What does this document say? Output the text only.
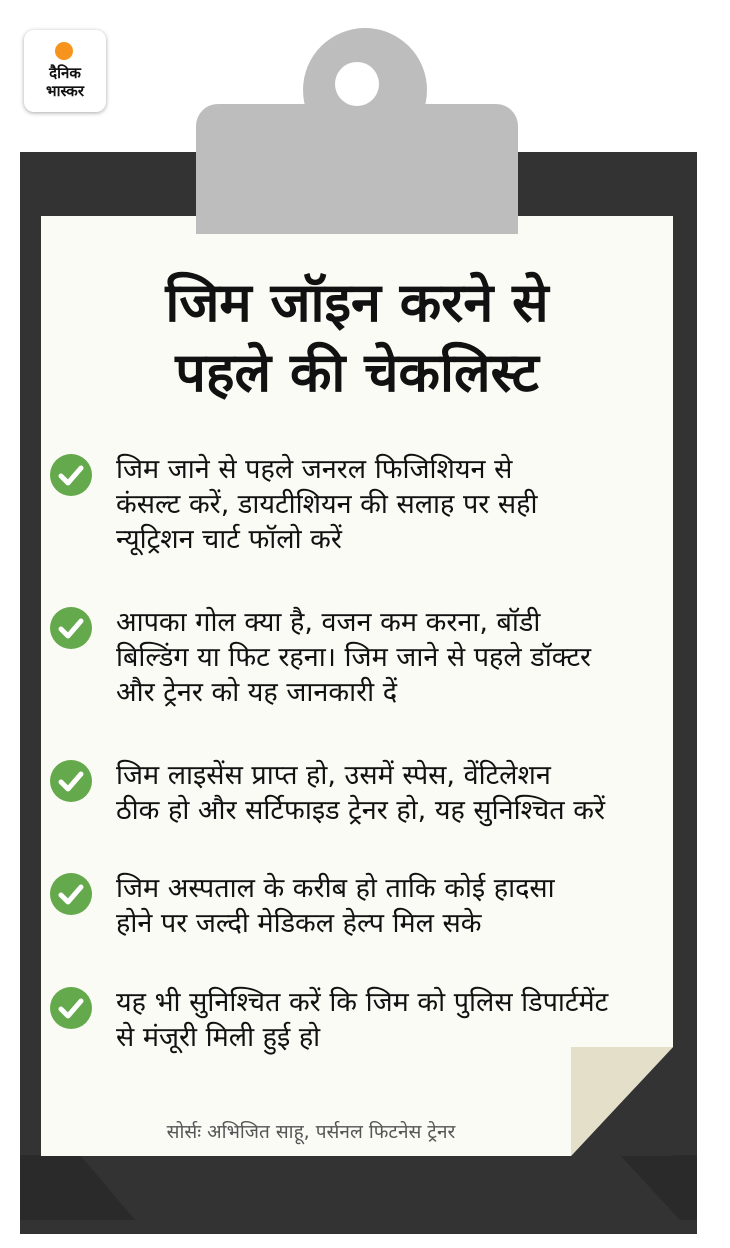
दैनिक
भास्कर
जिम जॉइन करने से
पहले की चेकलिस्ट
जिम जाने से पहले जनरल फिजिशियन से
कंसल्ट करें, डायटीशियन की सलाह पर सही
न्यूट्रिशन चार्ट फॉलो करें
आपका गोल क्या है, वजन कम करना, बॉडी
बिल्डिंग या फिट रहना। जिम जाने से पहले डॉक्टर
और ट्रेनर को यह जानकारी दें
जिम लाइसेंस प्राप्त हो, उसमें स्पेस, वेंटिलेशन
ठीक हो और सर्टिफाइड ट्रेनर हो, यह सुनिश्चित करें
जिम अस्पताल के करीब हो ताकि कोई हादसा
होने पर जल्दी मेडिकल हेल्प मिल सके
यह भी सुनिश्चित करें कि जिम को पुलिस डिपार्टमेंट
से मंजूरी मिली हुई हो
सोर्सः अभिजित साहू, पर्सनल फिटनेस ट्रेनर
